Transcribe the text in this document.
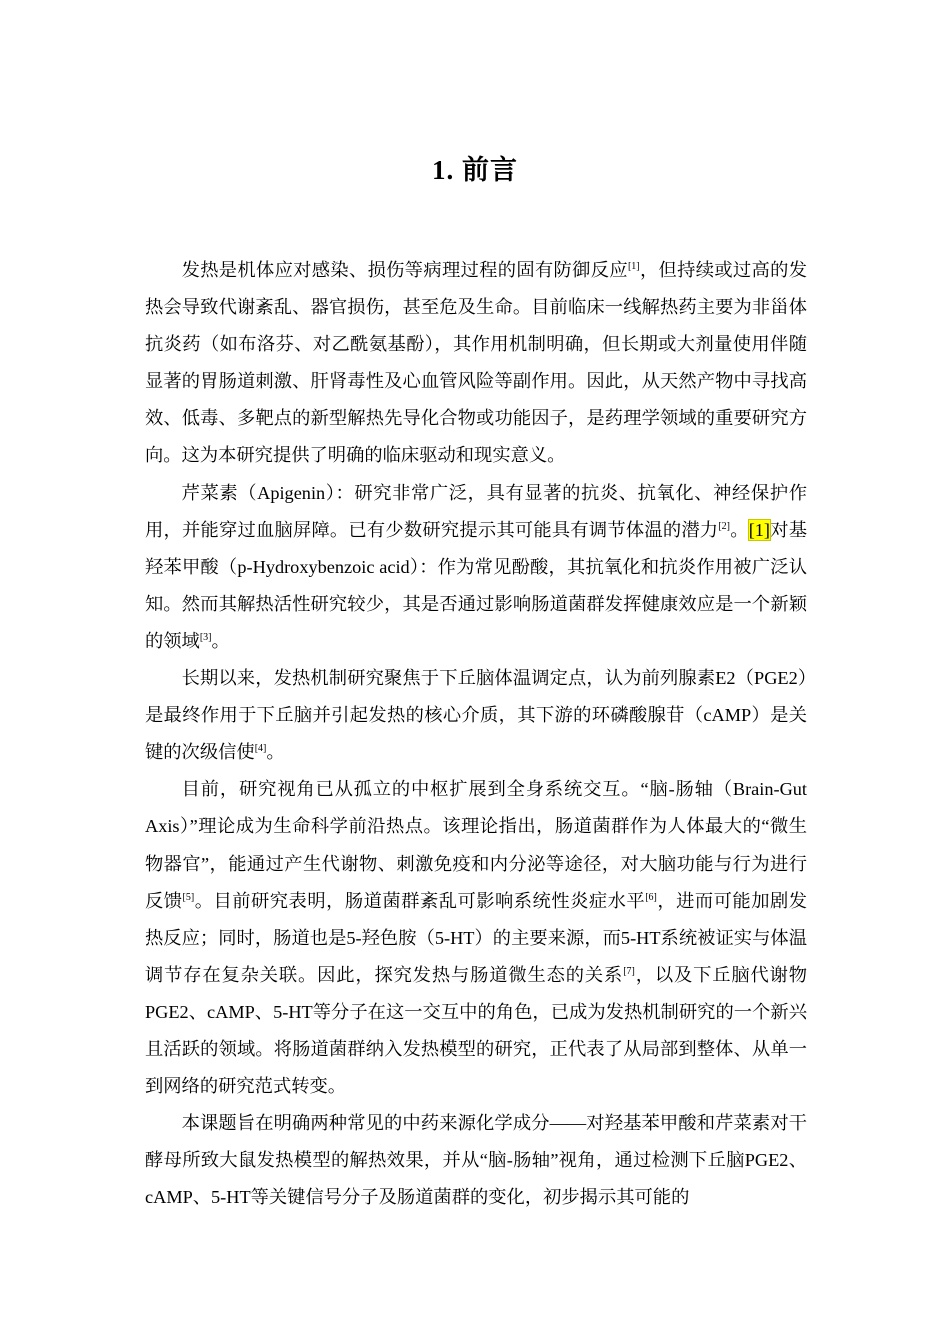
1. 前言

发热是机体应对感染、损伤等病理过程的固有防御反应[1]，但持续或过高的发热会导致代谢紊乱、器官损伤，甚至危及生命。目前临床一线解热药主要为非甾体抗炎药（如布洛芬、对乙酰氨基酚），其作用机制明确，但长期或大剂量使用伴随显著的胃肠道刺激、肝肾毒性及心血管风险等副作用。因此，从天然产物中寻找高效、低毒、多靶点的新型解热先导化合物或功能因子，是药理学领域的重要研究方向。这为本研究提供了明确的临床驱动和现实意义。

芹菜素（Apigenin）：研究非常广泛，具有显著的抗炎、抗氧化、神经保护作用，并能穿过血脑屏障。已有少数研究提示其可能具有调节体温的潜力[2]。[1]对基羟苯甲酸（p-Hydroxybenzoic acid）：作为常见酚酸，其抗氧化和抗炎作用被广泛认知。然而其解热活性研究较少，其是否通过影响肠道菌群发挥健康效应是一个新颖的领域[3]。

长期以来，发热机制研究聚焦于下丘脑体温调定点，认为前列腺素E2（PGE2）是最终作用于下丘脑并引起发热的核心介质，其下游的环磷酸腺苷（cAMP）是关键的次级信使[4]。

目前，研究视角已从孤立的中枢扩展到全身系统交互。“脑-肠轴（Brain-Gut Axis）”理论成为生命科学前沿热点。该理论指出，肠道菌群作为人体最大的“微生物器官”，能通过产生代谢物、刺激免疫和内分泌等途径，对大脑功能与行为进行反馈[5]。目前研究表明，肠道菌群紊乱可影响系统性炎症水平[6]，进而可能加剧发热反应；同时，肠道也是5-羟色胺（5-HT）的主要来源，而5-HT系统被证实与体温调节存在复杂关联。因此，探究发热与肠道微生态的关系[7]，以及下丘脑代谢物PGE2、cAMP、5-HT等分子在这一交互中的角色，已成为发热机制研究的一个新兴且活跃的领域。将肠道菌群纳入发热模型的研究，正代表了从局部到整体、从单一到网络的研究范式转变。

本课题旨在明确两种常见的中药来源化学成分——对羟基苯甲酸和芹菜素对干酵母所致大鼠发热模型的解热效果，并从“脑-肠轴”视角，通过检测下丘脑PGE2、cAMP、5-HT等关键信号分子及肠道菌群的变化，初步揭示其可能的
